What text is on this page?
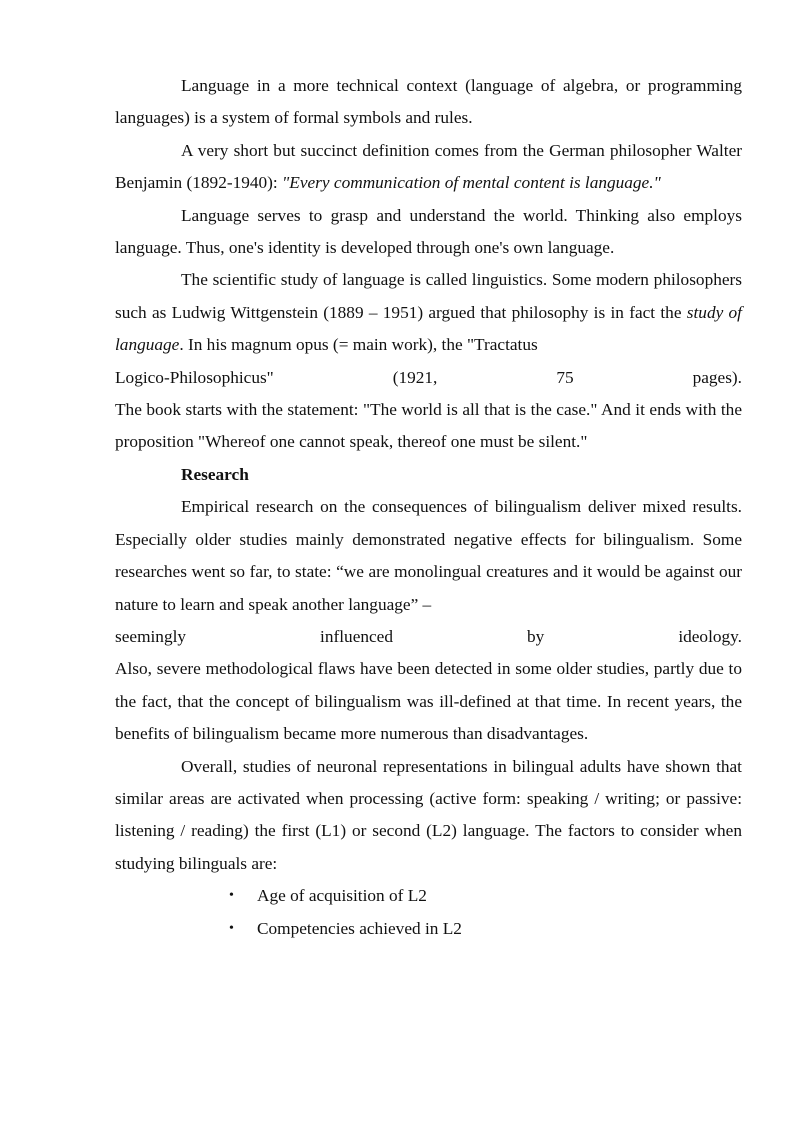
Language in a more technical context (language of algebra, or programming languages) is a system of formal symbols and rules.

A very short but succinct definition comes from the German philosopher Walter Benjamin (1892-1940): "Every communication of mental content is language."

Language serves to grasp and understand the world. Thinking also employs language. Thus, one's identity is developed through one's own language.

The scientific study of language is called linguistics. Some modern philosophers such as Ludwig Wittgenstein (1889 – 1951) argued that philosophy is in fact the study of language. In his magnum opus (= main work), the "Tractatus

Logico-Philosophicus" (1921, 75 pages).

The book starts with the statement: "The world is all that is the case." And it ends with the proposition "Whereof one cannot speak, thereof one must be silent."

Research

Empirical research on the consequences of bilingualism deliver mixed results. Especially older studies mainly demonstrated negative effects for bilingualism. Some researches went so far, to state: “we are monolingual creatures and it would be against our nature to learn and speak another language” –

seemingly influenced by ideology.

Also, severe methodological flaws have been detected in some older studies, partly due to the fact, that the concept of bilingualism was ill-defined at that time. In recent years, the benefits of bilingualism became more numerous than disadvantages.

Overall, studies of neuronal representations in bilingual adults have shown that similar areas are activated when processing (active form: speaking / writing; or passive: listening / reading) the first (L1) or second (L2) language. The factors to consider when studying bilinguals are:

• Age of acquisition of L2
• Competencies achieved in L2
